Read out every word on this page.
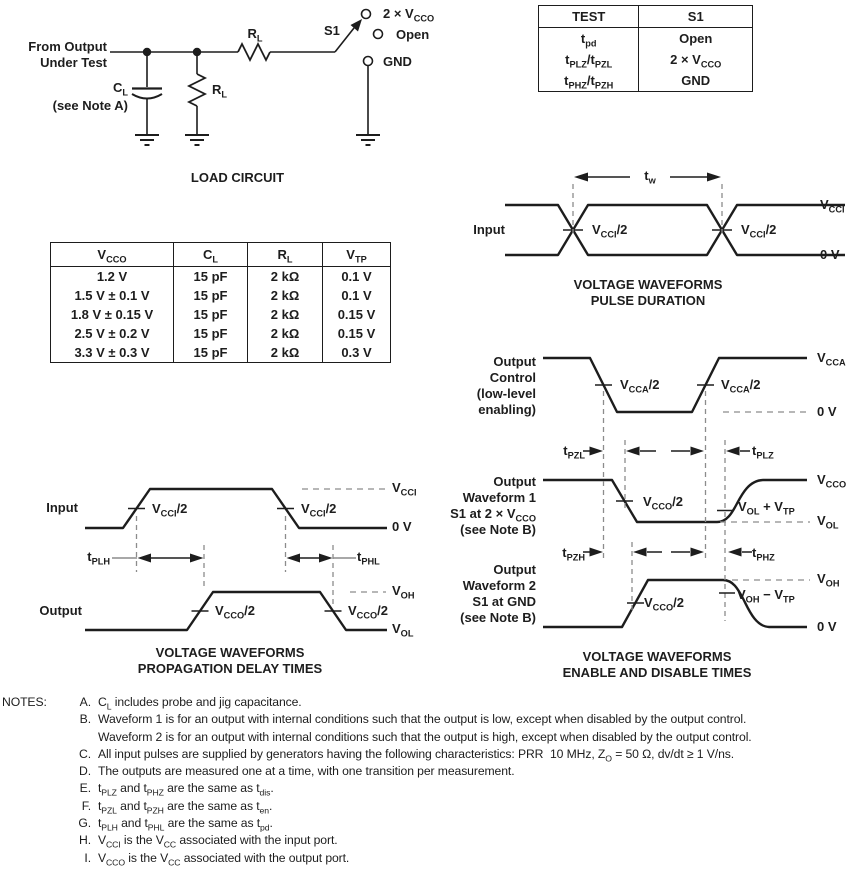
From Output
Under Test
$C_L$
(see Note A)
$R_L$
$R_L$
S1
$2 \times V_{CCO}$
Open
GND
LOAD CIRCUIT
TEST	S1
$t_{pd}$	Open
$t_{PLZ}/t_{PZL}$	$2 \times V_{CCO}$
$t_{PHZ}/t_{PZH}$	GND
$V_{CCO}$	$C_L$	$R_L$	$V_{TP}$
1.2 V	15 pF	2 kΩ	0.1 V
1.5 V ± 0.1 V	15 pF	2 kΩ	0.1 V
1.8 V ± 0.15 V	15 pF	2 kΩ	0.15 V
2.5 V ± 0.2 V	15 pF	2 kΩ	0.15 V
3.3 V ± 0.3 V	15 pF	2 kΩ	0.3 V
Input
$t_w$
$V_{CCI}/2$	$V_{CCI}/2$
$V_{CCI}$
0 V
VOLTAGE WAVEFORMS
PULSE DURATION
Input	$V_{CCI}/2$	$V_{CCI}/2$
$V_{CCI}$
0 V
$t_{PLH}$	$t_{PHL}$
Output	$V_{CCO}/2$	$V_{CCO}/2$
$V_{OH}$
$V_{OL}$
VOLTAGE WAVEFORMS
PROPAGATION DELAY TIMES
Output
Control
(low-level
enabling)
$V_{CCA}/2$	$V_{CCA}/2$
$V_{CCA}$
0 V
$t_{PZL}$	$t_{PLZ}$
Output
Waveform 1
S1 at $2 \times V_{CCO}$
(see Note B)
$V_{CCO}/2$	$V_{OL} + V_{TP}$
$V_{CCO}$
$V_{OL}$
$t_{PZH}$	$t_{PHZ}$
Output
Waveform 2
S1 at GND
(see Note B)
$V_{CCO}/2$
$V_{OH} - V_{TP}$
$V_{OH}$
0 V
VOLTAGE WAVEFORMS
ENABLE AND DISABLE TIMES
NOTES:	A. $C_L$ includes probe and jig capacitance.
B. Waveform 1 is for an output with internal conditions such that the output is low, except when disabled by the output control.
Waveform 2 is for an output with internal conditions such that the output is high, except when disabled by the output control.
C. All input pulses are supplied by generators having the following characteristics: PRR  10 MHz, $Z_O = 50$ Ω, dv/dt ≥ 1 V/ns.
D. The outputs are measured one at a time, with one transition per measurement.
E. $t_{PLZ}$ and $t_{PHZ}$ are the same as $t_{dis}$.
F. $t_{PZL}$ and $t_{PZH}$ are the same as $t_{en}$.
G. $t_{PLH}$ and $t_{PHL}$ are the same as $t_{pd}$.
H. $V_{CCI}$ is the $V_{CC}$ associated with the input port.
I. $V_{CCO}$ is the $V_{CC}$ associated with the output port.
